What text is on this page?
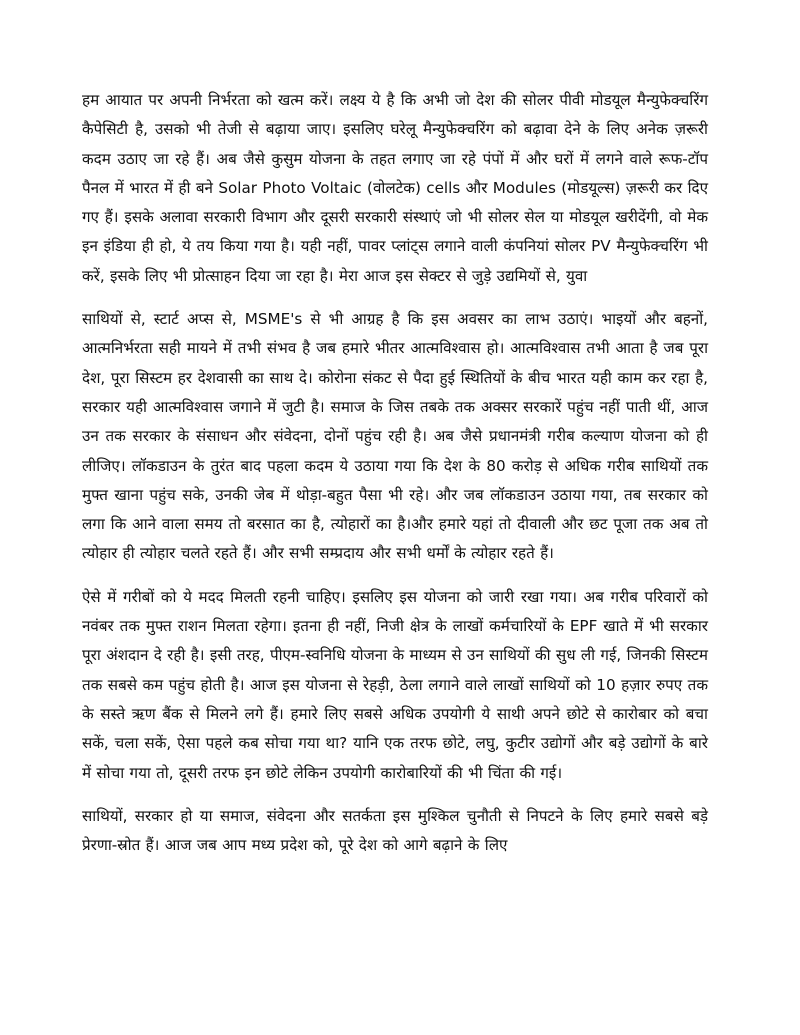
हम आयात पर अपनी निर्भरता को खत्म करें। लक्ष्य ये है कि अभी जो देश की सोलर पीवी मोडयूल मैन्युफेक्चरिंग कैपेसिटी है, उसको भी तेजी से बढ़ाया जाए। इसलिए घरेलू मैन्युफेक्चरिंग को बढ़ावा देने के लिए अनेक ज़रूरी कदम उठाए जा रहे हैं। अब जैसे कुसुम योजना के तहत लगाए जा रहे पंपों में और घरों में लगने वाले रूफ-टॉप पैनल में भारत में ही बने Solar Photo Voltaic (वोलटेक) cells और Modules (मोडयूल्स) ज़रूरी कर दिए गए हैं। इसके अलावा सरकारी विभाग और दूसरी सरकारी संस्थाएं जो भी सोलर सेल या मोडयूल खरीदेंगी, वो मेक इन इंडिया ही हो, ये तय किया गया है। यही नहीं, पावर प्लांट्स लगाने वाली कंपनियां सोलर PV मैन्युफेक्चरिंग भी करें, इसके लिए भी प्रोत्साहन दिया जा रहा है। मेरा आज इस सेक्टर से जुड़े उद्यमियों से, युवा

साथियों से, स्टार्ट अप्स से, MSME's से भी आग्रह है कि इस अवसर का लाभ उठाएं। भाइयों और बहनों, आत्मनिर्भरता सही मायने में तभी संभव है जब हमारे भीतर आत्मविश्वास हो। आत्मविश्वास तभी आता है जब पूरा देश, पूरा सिस्टम हर देशवासी का साथ दे। कोरोना संकट से पैदा हुई स्थितियों के बीच भारत यही काम कर रहा है, सरकार यही आत्मविश्वास जगाने में जुटी है। समाज के जिस तबके तक अक्सर सरकारें पहुंच नहीं पाती थीं, आज उन तक सरकार के संसाधन और संवेदना, दोनों पहुंच रही है। अब जैसे प्रधानमंत्री गरीब कल्याण योजना को ही लीजिए। लॉकडाउन के तुरंत बाद पहला कदम ये उठाया गया कि देश के 80 करोड़ से अधिक गरीब साथियों तक मुफ्त खाना पहुंच सके, उनकी जेब में थोड़ा-बहुत पैसा भी रहे। और जब लॉकडाउन उठाया गया, तब सरकार को लगा कि आने वाला समय तो बरसात का है, त्योहारों का है।और हमारे यहां तो दीवाली और छट पूजा तक अब तो त्योहार ही त्योहार चलते रहते हैं। और सभी सम्प्रदाय और सभी धर्मों के त्योहार रहते हैं।

ऐसे में गरीबों को ये मदद मिलती रहनी चाहिए। इसलिए इस योजना को जारी रखा गया। अब गरीब परिवारों को नवंबर तक मुफ्त राशन मिलता रहेगा। इतना ही नहीं, निजी क्षेत्र के लाखों कर्मचारियों के EPF खाते में भी सरकार पूरा अंशदान दे रही है। इसी तरह, पीएम-स्वनिधि योजना के माध्यम से उन साथियों की सुध ली गई, जिनकी सिस्टम तक सबसे कम पहुंच होती है। आज इस योजना से रेहड़ी, ठेला लगाने वाले लाखों साथियों को 10 हज़ार रुपए तक के सस्ते ऋण बैंक से मिलने लगे हैं। हमारे लिए सबसे अधिक उपयोगी ये साथी अपने छोटे से कारोबार को बचा सकें, चला सकें, ऐसा पहले कब सोचा गया था? यानि एक तरफ छोटे, लघु, कुटीर उद्योगों और बड़े उद्योगों के बारे में सोचा गया तो, दूसरी तरफ इन छोटे लेकिन उपयोगी कारोबारियों की भी चिंता की गई।

साथियों, सरकार हो या समाज, संवेदना और सतर्कता इस मुश्किल चुनौती से निपटने के लिए हमारे सबसे बड़े प्रेरणा-स्रोत हैं। आज जब आप मध्य प्रदेश को, पूरे देश को आगे बढ़ाने के लिए
